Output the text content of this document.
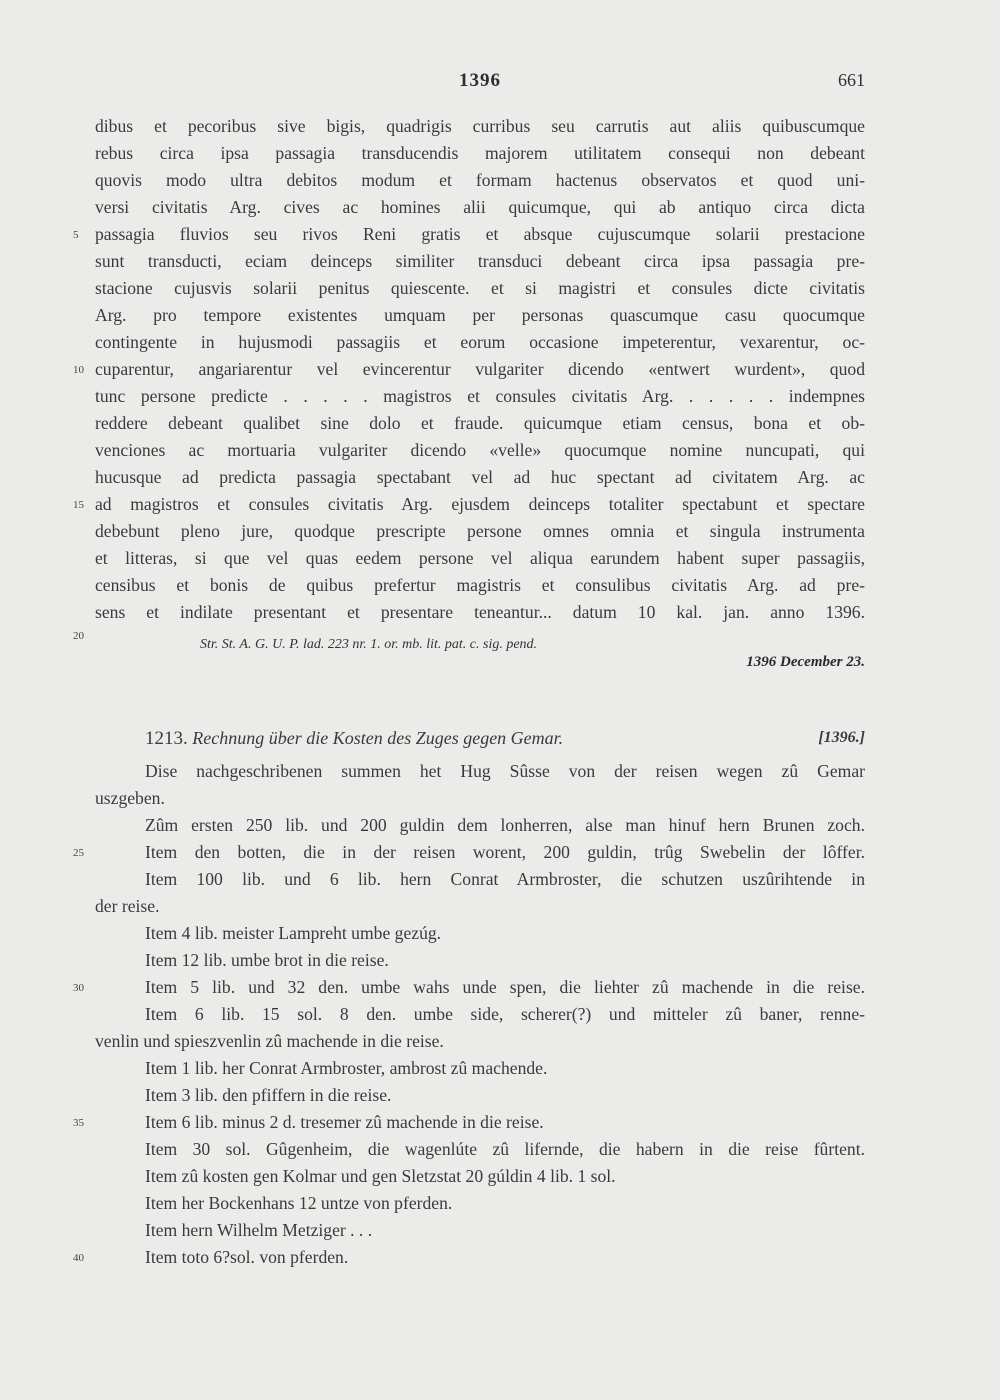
1396	661
dibus et pecoribus sive bigis, quadrigis curribus seu carrutis aut aliis quibuscumque
rebus circa ipsa passagia transducendis majorem utilitatem consequi non debeant
quovis modo ultra debitos modum et formam hactenus observatos et quod uni-
versi civitatis Arg. cives ac homines alii quicumque, qui ab antiquo circa dicta
passagia fluvios seu rivos Reni gratis et absque cujuscumque solarii prestacione
sunt transducti, eciam deinceps similiter transduci debeant circa ipsa passagia pre-
stacione cujusvis solarii penitus quiescente. et si magistri et consules dicte civitatis
Arg. pro tempore existentes umquam per personas quascumque casu quocumque
contingente in hujusmodi passagiis et eorum occasione impeterentur, vexarentur, oc-
cuparentur, angariarentur vel evincerentur vulgariter dicendo «entwert wurdent», quod
tunc persone predicte . . . . . magistros et consules civitatis Arg. . . . . . indempnes
reddere debeant qualibet sine dolo et fraude. quicumque etiam census, bona et ob-
venciones ac mortuaria vulgariter dicendo «velle» quocumque nomine nuncupati, qui
hucusque ad predicta passagia spectabant vel ad huc spectant ad civitatem Arg. ac
ad magistros et consules civitatis Arg. ejusdem deinceps totaliter spectabunt et spectare
debebunt pleno jure, quodque prescripte persone omnes omnia et singula instrumenta
et litteras, si que vel quas eedem persone vel aliqua earundem habent super passagiis,
censibus et bonis de quibus prefertur magistris et consulibus civitatis Arg. ad pre-
sens et indilate presentant et presentare teneantur... datum 10 kal. jan. anno 1396.
Str. St. A. G. U. P. lad. 223 nr. 1. or. mb. lit. pat. c. sig. pend.
1396 December 23.
1213. Rechnung über die Kosten des Zuges gegen Gemar.	[1396.]
Dise nachgeschribenen summen het Hug Sûsse von der reisen wegen zû Gemar
uszgeben.
Zûm ersten 250 lib. und 200 guldin dem lonherren, alse man hinuf hern Brunen zoch.
Item den botten, die in der reisen worent, 200 guldin, trûg Swebelin der lôffer.
Item 100 lib. und 6 lib. hern Conrat Armbroster, die schutzen uszûrihtende in
der reise.
Item 4 lib. meister Lampreht umbe gezúg.
Item 12 lib. umbe brot in die reise.
Item 5 lib. und 32 den. umbe wahs unde spen, die liehter zû machende in die reise.
Item 6 lib. 15 sol. 8 den. umbe side, scherer(?) und mitteler zû baner, renne-
venlin und spieszvenlin zû machende in die reise.
Item 1 lib. her Conrat Armbroster, ambrost zû machende.
Item 3 lib. den pfiffern in die reise.
Item 6 lib. minus 2 d. tresemer zû machende in die reise.
Item 30 sol. Gûgenheim, die wagenlúte zû lifernde, die habern in die reise fûrtent.
Item zû kosten gen Kolmar und gen Sletzstat 20 gúldin 4 lib. 1 sol.
Item her Bockenhans 12 untze von pferden.
Item hern Wilhelm Metziger . . .
Item toto 6?sol. von pferden.
5
10
15
20
25
30
35
40
